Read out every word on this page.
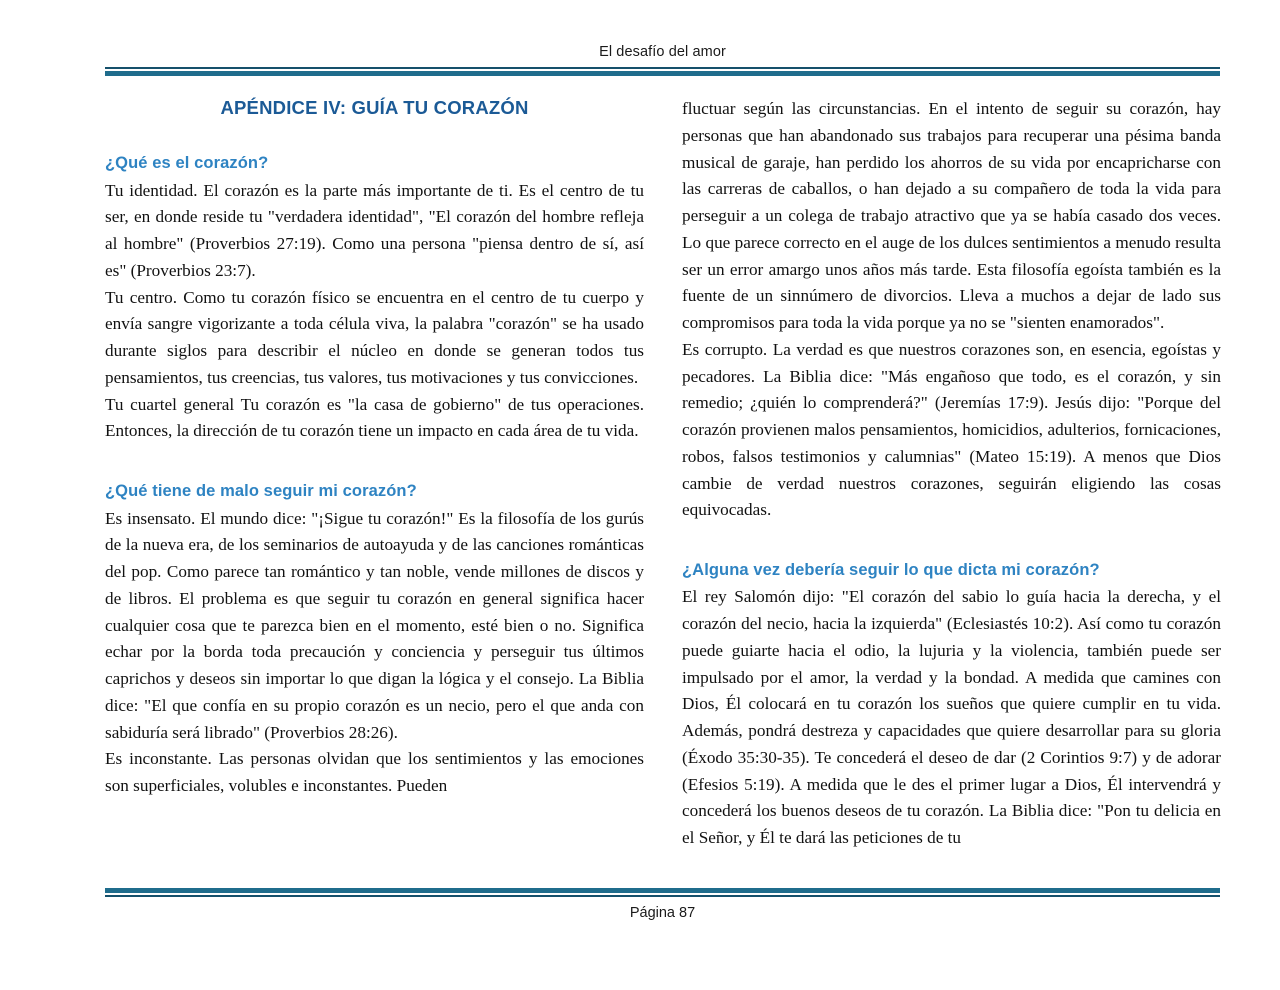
El desafío del amor
APÉNDICE IV: GUÍA TU CORAZÓN
¿Qué es el corazón?

Tu identidad. El corazón es la parte más importante de ti. Es el centro de tu ser, en donde reside tu "verdadera identidad", "El corazón del hombre refleja al hombre" (Proverbios 27:19). Como una persona "piensa dentro de sí, así es" (Proverbios 23:7).

Tu centro. Como tu corazón físico se encuentra en el centro de tu cuerpo y envía sangre vigorizante a toda célula viva, la palabra "corazón" se ha usado durante siglos para describir el núcleo en donde se generan todos tus pensamientos, tus creencias, tus valores, tus motivaciones y tus convicciones.

Tu cuartel general Tu corazón es "la casa de gobierno" de tus operaciones. Entonces, la dirección de tu corazón tiene un impacto en cada área de tu vida.

¿Qué tiene de malo seguir mi corazón?

Es insensato. El mundo dice: "¡Sigue tu corazón!" Es la filosofía de los gurús de la nueva era, de los seminarios de autoayuda y de las canciones románticas del pop. Como parece tan romántico y tan noble, vende millones de discos y de libros. El problema es que seguir tu corazón en general significa hacer cualquier cosa que te parezca bien en el momento, esté bien o no. Significa echar por la borda toda precaución y conciencia y perseguir tus últimos caprichos y deseos sin importar lo que digan la lógica y el consejo. La Biblia dice: "El que confía en su propio corazón es un necio, pero el que anda con sabiduría será librado" (Proverbios 28:26).

Es inconstante. Las personas olvidan que los sentimientos y las emociones son superficiales, volubles e inconstantes. Pueden

fluctuar según las circunstancias. En el intento de seguir su corazón, hay personas que han abandonado sus trabajos para recuperar una pésima banda musical de garaje, han perdido los ahorros de su vida por encapricharse con las carreras de caballos, o han dejado a su compañero de toda la vida para perseguir a un colega de trabajo atractivo que ya se había casado dos veces. Lo que parece correcto en el auge de los dulces sentimientos a menudo resulta ser un error amargo unos años más tarde. Esta filosofía egoísta también es la fuente de un sinnúmero de divorcios. Lleva a muchos a dejar de lado sus compromisos para toda la vida porque ya no se "sienten enamorados".

Es corrupto. La verdad es que nuestros corazones son, en esencia, egoístas y pecadores. La Biblia dice: "Más engañoso que todo, es el corazón, y sin remedio; ¿quién lo comprenderá?" (Jeremías 17:9). Jesús dijo: "Porque del corazón provienen malos pensamientos, homicidios, adulterios, fornicaciones, robos, falsos testimonios y calumnias" (Mateo 15:19). A menos que Dios cambie de verdad nuestros corazones, seguirán eligiendo las cosas equivocadas.

¿Alguna vez debería seguir lo que dicta mi corazón?

El rey Salomón dijo: "El corazón del sabio lo guía hacia la derecha, y el corazón del necio, hacia la izquierda" (Eclesiastés 10:2). Así como tu corazón puede guiarte hacia el odio, la lujuria y la violencia, también puede ser impulsado por el amor, la verdad y la bondad. A medida que camines con Dios, Él colocará en tu corazón los sueños que quiere cumplir en tu vida. Además, pondrá destreza y capacidades que quiere desarrollar para su gloria (Éxodo 35:30-35). Te concederá el deseo de dar (2 Corintios 9:7) y de adorar (Efesios 5:19). A medida que le des el primer lugar a Dios, Él intervendrá y concederá los buenos deseos de tu corazón. La Biblia dice: "Pon tu delicia en el Señor, y Él te dará las peticiones de tu

Página 87
